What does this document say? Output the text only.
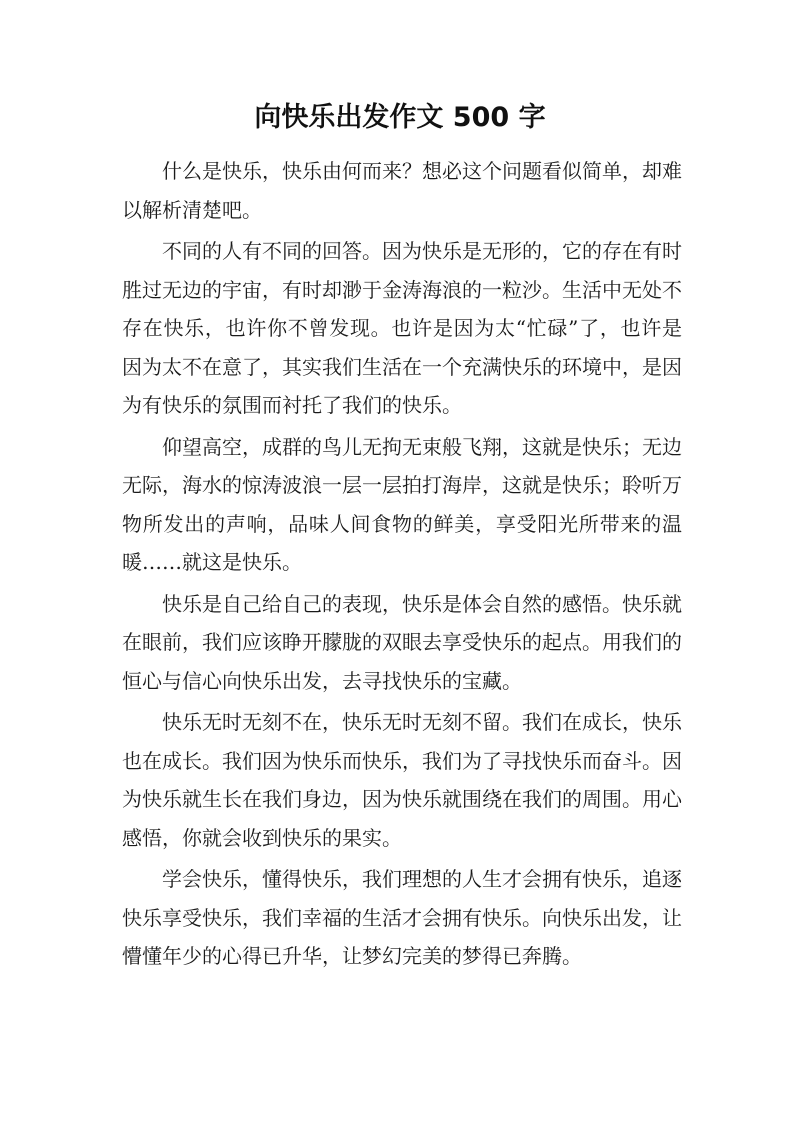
向快乐出发作文 500 字

什么是快乐，快乐由何而来？想必这个问题看似简单，却难以解析清楚吧。

不同的人有不同的回答。因为快乐是无形的，它的存在有时胜过无边的宇宙，有时却渺于金涛海浪的一粒沙。生活中无处不存在快乐，也许你不曾发现。也许是因为太“忙碌”了，也许是因为太不在意了，其实我们生活在一个充满快乐的环境中，是因为有快乐的氛围而衬托了我们的快乐。

仰望高空，成群的鸟儿无拘无束般飞翔，这就是快乐；无边无际，海水的惊涛波浪一层一层拍打海岸，这就是快乐；聆听万物所发出的声响，品味人间食物的鲜美，享受阳光所带来的温暖……就这是快乐。

快乐是自己给自己的表现，快乐是体会自然的感悟。快乐就在眼前，我们应该睁开朦胧的双眼去享受快乐的起点。用我们的恒心与信心向快乐出发，去寻找快乐的宝藏。

快乐无时无刻不在，快乐无时无刻不留。我们在成长，快乐也在成长。我们因为快乐而快乐，我们为了寻找快乐而奋斗。因为快乐就生长在我们身边，因为快乐就围绕在我们的周围。用心感悟，你就会收到快乐的果实。

学会快乐，懂得快乐，我们理想的人生才会拥有快乐，追逐快乐享受快乐，我们幸福的生活才会拥有快乐。向快乐出发，让懵懂年少的心得已升华，让梦幻完美的梦得已奔腾。
